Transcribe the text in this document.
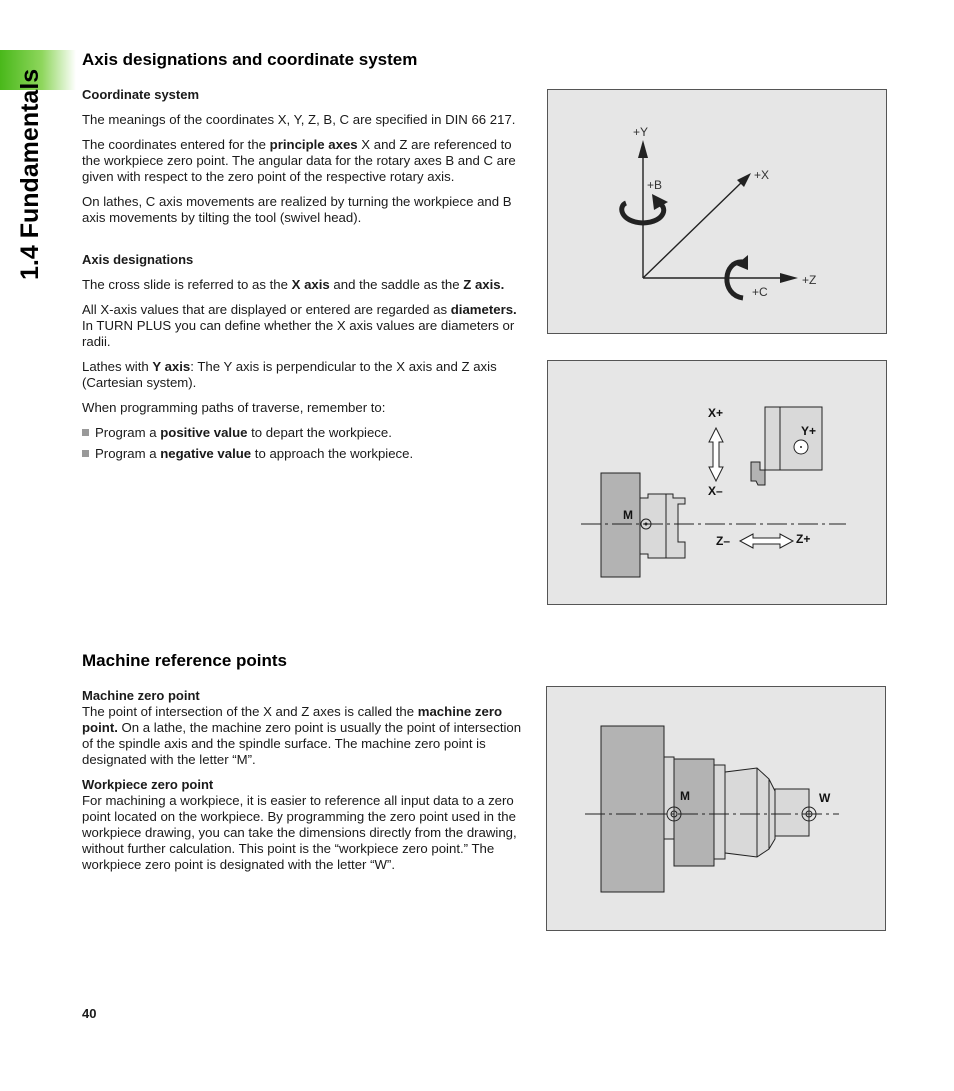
1.4 Fundamentals
Axis designations and coordinate system

Coordinate system

The meanings of the coordinates X, Y, Z, B, C are specified in DIN 66 217.

The coordinates entered for the principle axes X and Z are referenced to the workpiece zero point. The angular data for the rotary axes B and C are given with respect to the zero point of the respective rotary axis.

On lathes, C axis movements are realized by turning the workpiece and B axis movements by tilting the tool (swivel head).

Axis designations

The cross slide is referred to as the X axis and the saddle as the Z axis.

All X-axis values that are displayed or entered are regarded as diameters. In TURN PLUS you can define whether the X axis values are diameters or radii.

Lathes with Y axis: The Y axis is perpendicular to the X axis and Z axis (Cartesian system).

When programming paths of traverse, remember to:

Program a positive value to depart the workpiece.

Program a negative value to approach the workpiece.

Machine reference points

Machine zero point

The point of intersection of the X and Z axes is called the machine zero point. On a lathe, the machine zero point is usually the point of intersection of the spindle axis and the spindle surface. The machine zero point is designated with the letter “M”.

Workpiece zero point

For machining a workpiece, it is easier to reference all input data to a zero point located on the workpiece. By programming the zero point used in the workpiece drawing, you can take the dimensions directly from the drawing, without further calculation. This point is the “workpiece zero point.” The workpiece zero point is designated with the letter “W”.

+Y
+B
+X
+C
+Z
X+
X–
Y+
M
Z–	Z+
M	W
40
